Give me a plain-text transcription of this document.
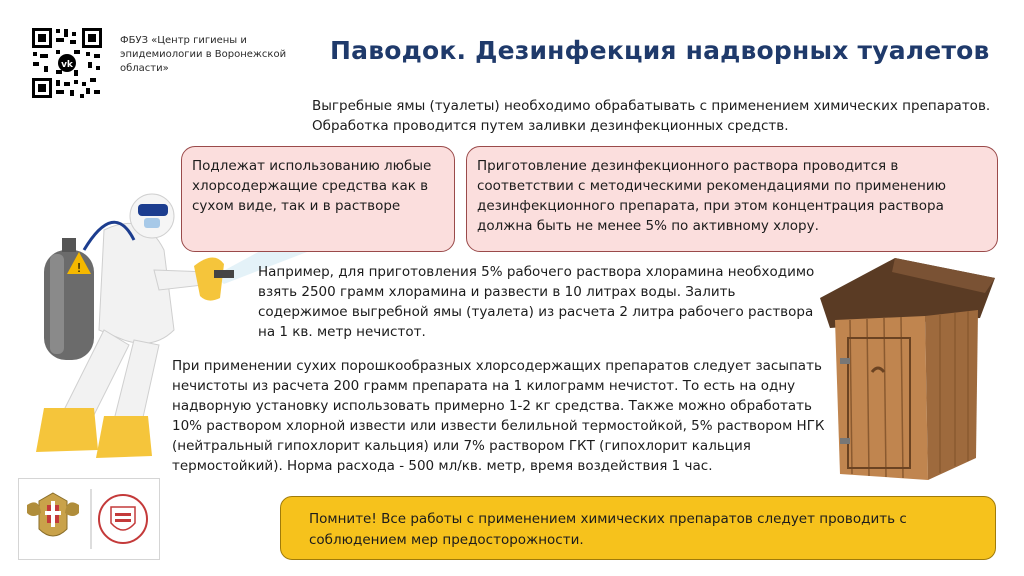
vk
ФБУЗ «Центр гигиены и эпидемиологии в Воронежской области»
Паводок. Дезинфекция надворных туалетов
Выгребные ямы (туалеты) необходимо обрабатывать с применением химических препаратов. Обработка проводится путем заливки дезинфекционных средств.
!
Подлежат использованию любые хлорсодержащие средства как в сухом виде, так и в растворе
Приготовление дезинфекционного раствора проводится в соответствии с методическими рекомендациями по применению дезинфекционного препарата, при этом концентрация раствора должна быть не менее 5% по активному хлору.
Например, для приготовления 5% рабочего раствора хлорамина необходимо взять 2500 грамм хлорамина и развести в 10 литрах воды. Залить содержимое выгребной ямы (туалета) из расчета 2 литра рабочего раствора на 1 кв. метр нечистот.
При применении сухих порошкообразных хлорсодержащих препаратов следует засыпать нечистоты из расчета 200 грамм препарата на 1 килограмм нечистот. То есть на одну надворную установку использовать примерно 1-2 кг средства. Также можно обработать 10% раствором хлорной извести или извести белильной термостойкой, 5% раствором НГК (нейтральный гипохлорит кальция) или 7% раствором ГКТ (гипохлорит кальция термостойкий). Норма расхода - 500 мл/кв. метр, время воздействия 1 час.
Помните! Все работы с применением химических препаратов следует проводить с соблюдением мер предосторожности.
